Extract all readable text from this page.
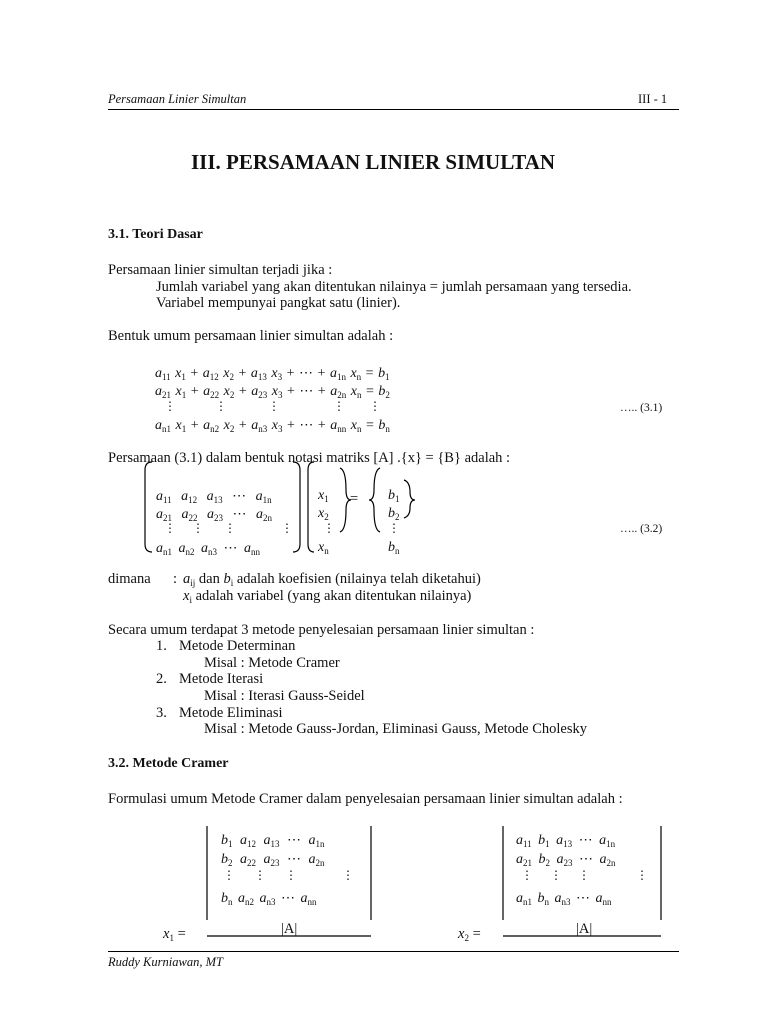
Persamaan Linier Simultan	III - 1
III. PERSAMAAN LINIER SIMULTAN
3.1. Teori Dasar
Persamaan linier simultan terjadi jika :
Jumlah variabel yang akan ditentukan nilainya = jumlah persamaan yang tersedia.
Variabel mempunyai pangkat satu (linier).
Bentuk umum persamaan linier simultan adalah :
$a_{11}$ $x_1 + a_{12}$ $x_2 + a_{13}$ $x_3$ + ⋯ + $a_{1n}$ $x_n = b_1$
$a_{21}$ $x_1 + a_{22}$ $x_2 + a_{23}$ $x_3$ + ⋯ + $a_{2n}$ $x_n = b_2$
⋮	⋮	⋮	⋮ ⋮	….. (3.1)
$a_{n1}$ $x_1 + a_{n2}$ $x_2 + a_{n3}$ $x_3$ + ⋯ + $a_{nn}$ $x_n = b_n$
Persamaan (3.1) dalam bentuk notasi matriks [A] .{x} = {B} adalah :
$a_{11}$ $a_{12}$ $a_{13}$ ⋯ $a_{1n}$
$a_{21}$ $a_{22}$ $a_{23}$ ⋯ $a_{2n}$
⋮ ⋮ ⋮	⋮
$a_{n1}$ $a_{n2}$ $a_{n3}$ ⋯ $a_{nn}$
$x_1$
$x_2$
⋮
$x_n$
= $b_1$
$b_2$
⋮
$b_n$
….. (3.2)
dimana : $a_{ij}$ dan $b_i$ adalah koefisien (nilainya telah diketahui)
$x_i$ adalah variabel (yang akan ditentukan nilainya)
Secara umum terdapat 3 metode penyelesaian persamaan linier simultan :
1. Metode Determinan
Misal : Metode Cramer
2. Metode Iterasi
Misal : Iterasi Gauss-Seidel
3. Metode Eliminasi
Misal : Metode Gauss-Jordan, Eliminasi Gauss, Metode Cholesky
3.2. Metode Cramer
Formulasi umum Metode Cramer dalam penyelesaian persamaan linier simultan adalah :
$b_1$ $a_{12}$ $a_{13}$ ⋯ $a_{1n}$
$b_2$ $a_{22}$ $a_{23}$ ⋯ $a_{2n}$
⋮ ⋮ ⋮	⋮
$b_n$ $a_{n2}$ $a_{n3}$ ⋯ $a_{nn}$
$x_1$ =	|A|
$a_{11}$ $b_1$ $a_{13}$ ⋯ $a_{1n}$
$a_{21}$ $b_2$ $a_{23}$ ⋯ $a_{2n}$
⋮ ⋮ ⋮	⋮
$a_{n1}$ $b_n$ $a_{n3}$ ⋯ $a_{nn}$
$x_2$ =	|A|
Ruddy Kurniawan, MT
